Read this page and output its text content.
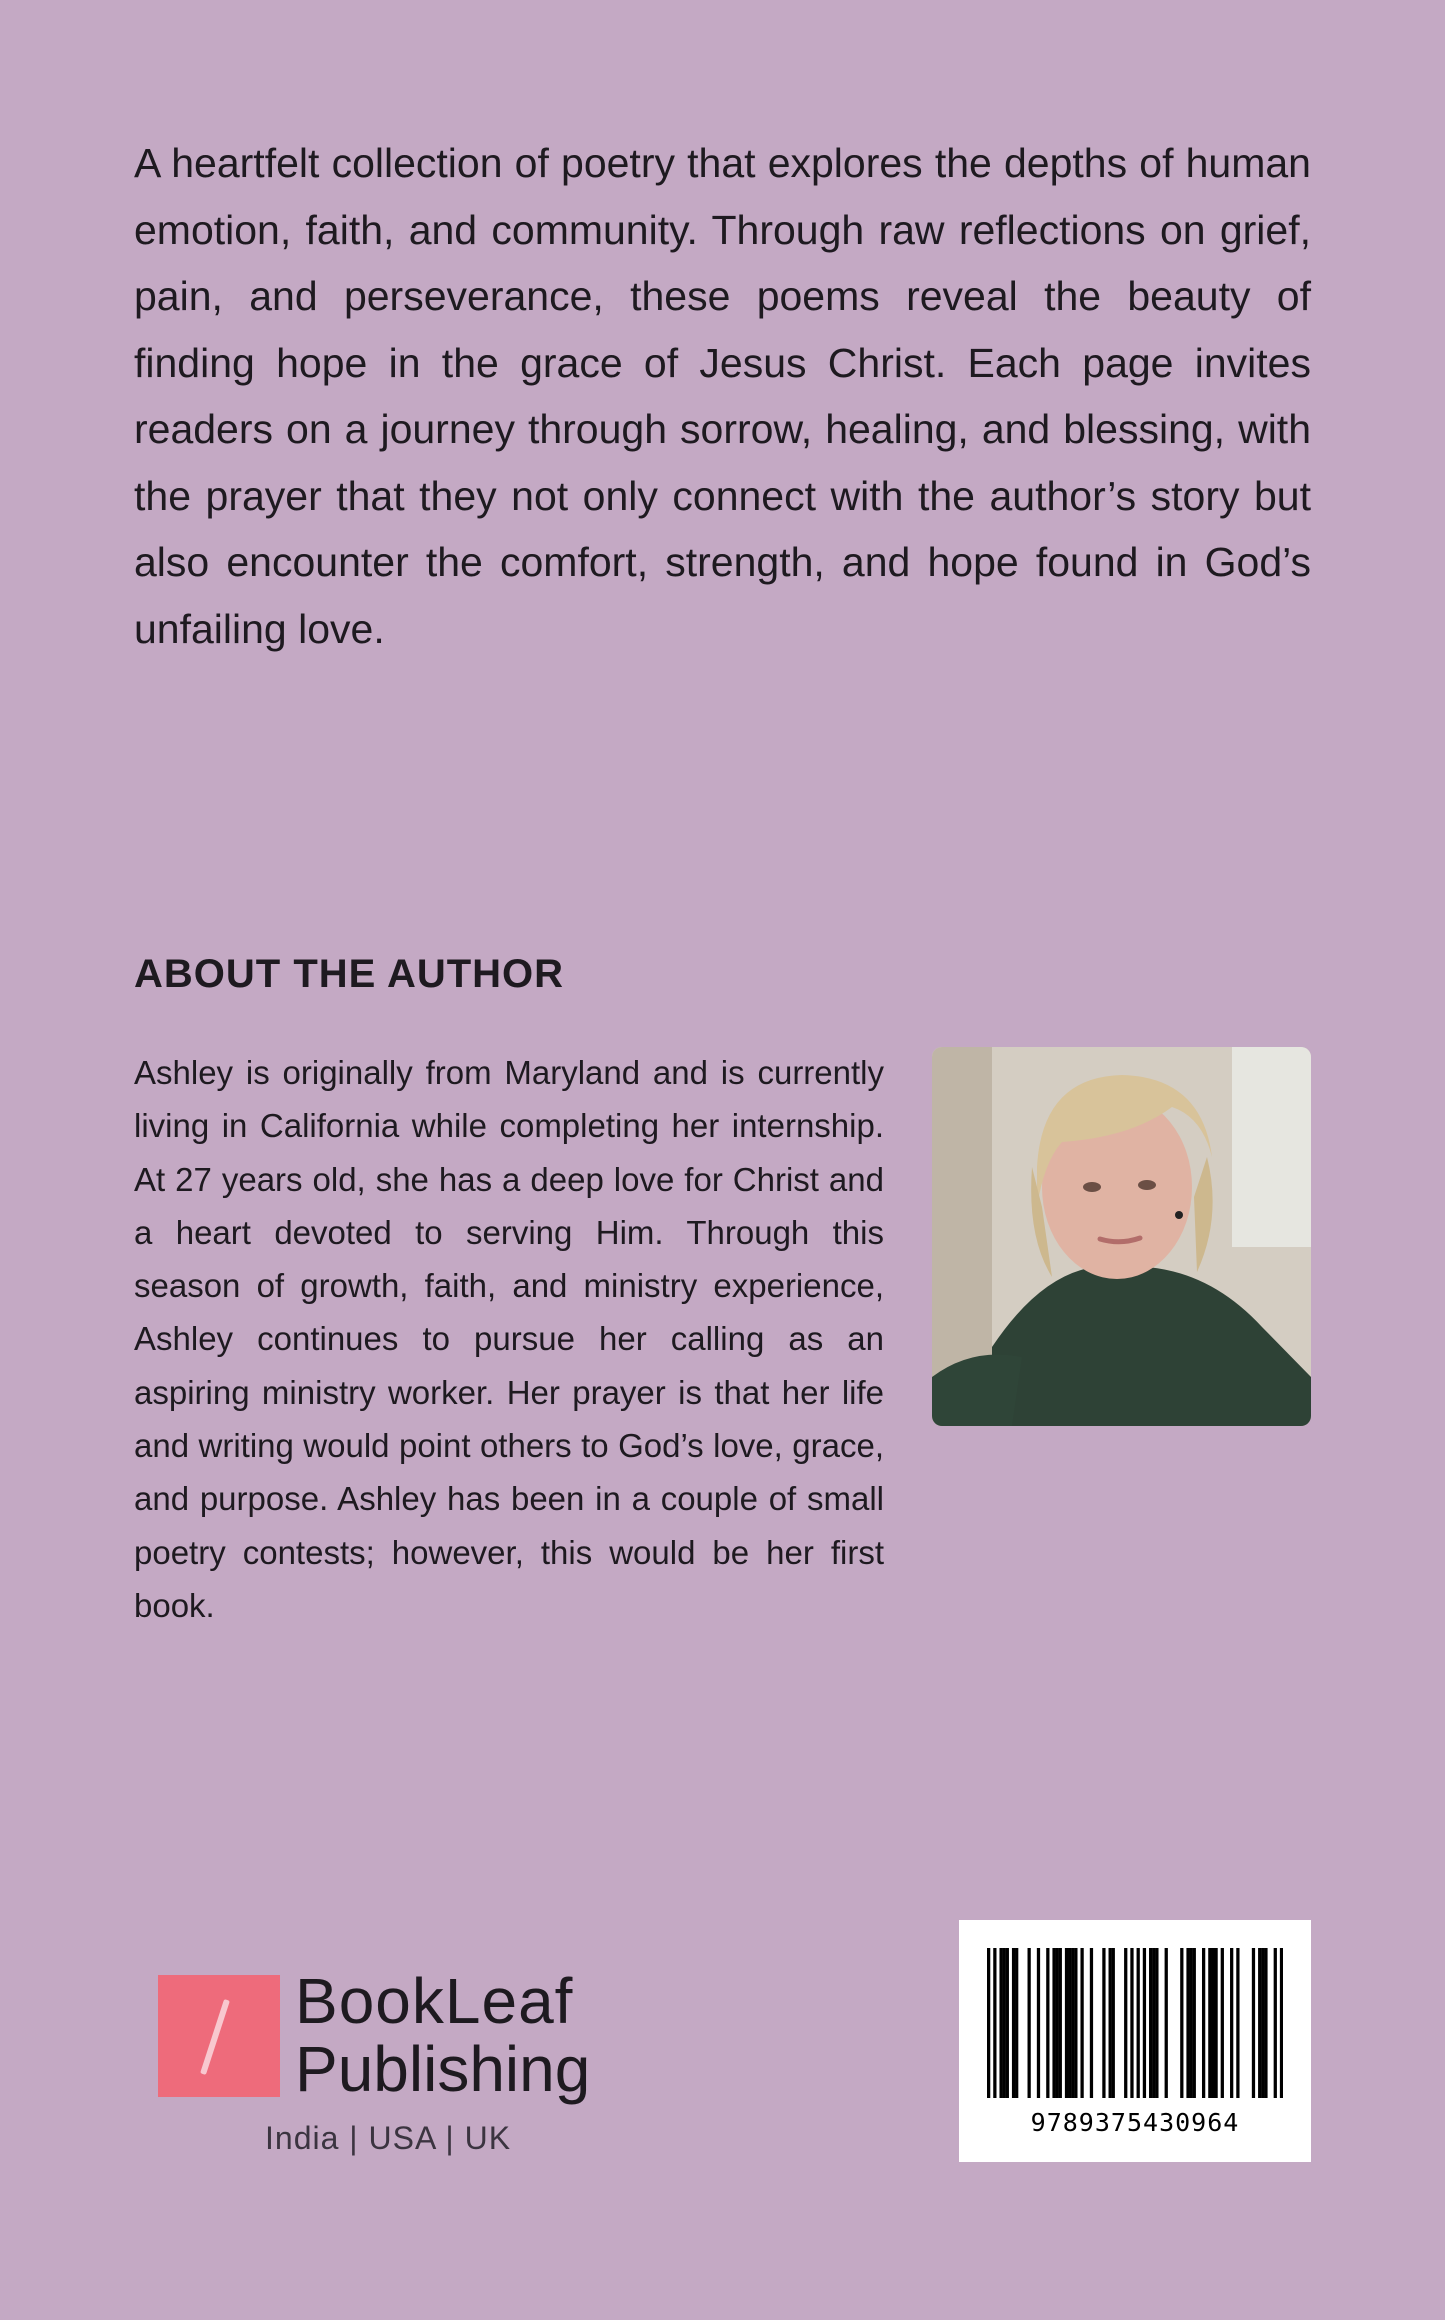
A heartfelt collection of poetry that explores the depths of human emotion, faith, and community. Through raw reflections on grief, pain, and perseverance, these poems reveal the beauty of finding hope in the grace of Jesus Christ. Each page invites readers on a journey through sorrow, healing, and blessing, with the prayer that they not only connect with the author’s story but also encounter the comfort, strength, and hope found in God’s unfailing love.

ABOUT THE AUTHOR

Ashley is originally from Maryland and is currently living in California while completing her internship. At 27 years old, she has a deep love for Christ and a heart devoted to serving Him. Through this season of growth, faith, and ministry experience, Ashley continues to pursue her calling as an aspiring ministry worker. Her prayer is that her life and writing would point others to God’s love, grace, and purpose. Ashley has been in a couple of small poetry contests; however, this would be her first book.

BookLeaf
Publishing
India | USA | UK	9789375430964
